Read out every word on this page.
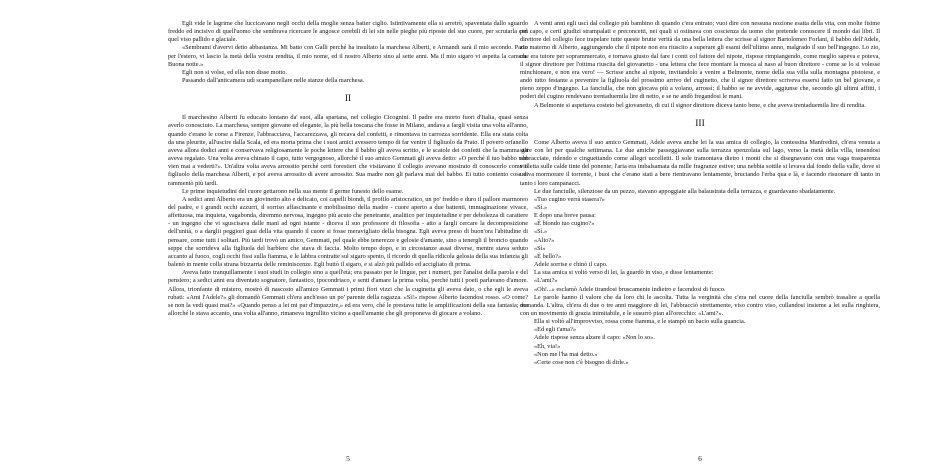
Egli vide le lagrime che luccicavano negli occhi della moglie senza batter ciglio. Istintivamente ella si arretrò, spaventata dallo sguardo freddo ed incisivo di quell'uomo che sembrava ricercare le angosce cerebili di lei sin nelle pieghe più riposte del suo cuore, per scrutarla con quel viso pallido e glaciale.

«Sembrami d'avervi detto abbastanza. Mi batto con Galli perché ha insultato la marchesa Alberti, e Armandi sarà il mio secondo. Parto per l'estero, vi lascio la metà della vostra rendita, il mio nome, ed il nostro Alberto sino al sette anni. Ma il mio sigaro vi aspetta la camera. Buona notte.»

Egli non si volse, ed ella non disse motto.

Passando dall'anticamera udì scampanellare nelle stanze della marchesa.

II

Il marchesino Alberti fu educato lontano da' suoi, alla spartana, nel collegio Cicognini. Il padre era morto fuori d'Italia, quasi senza averlo conosciuto. La marchesa, sempre giovane ed elegante, la più bella toscana che fosse in Milano, andava a fargli visita una volta all'anno, quando c'erano le corse a Firenze, l'abbracciava, l'accarezzava, gli recava del confetti, e rimontava in carrozza sorridente. Ella era stata colta da una pleurite, all'uscire dalla Scala, ed era morta prima che i suoi amici avessero tempo di far venire il figliuolo da Prato. Il povero orfanello aveva allora dodici anni e conservava religiosamente le poche lettere che il babbo gli aveva scritto, e le scatole dei confetti che la mamma gli aveva regalato. Una volta aveva chinato il capo, tutto vergognoso, allorché il suo amico Gemmati gli aveva detto: «O perché il tuo babbo non vien mai a vederti?». Un'altra volta aveva arrossito perché certi forestieri che visitavano il collegio avevano mostrato di conoscerlo come il figliuolo della marchesa Alberti, e poi aveva arrossito di avere arrossito. Sua madre non gli parlava mai del babbo. Ei tutto contento cose ei rammentò più tardi.

Le prime inquietudini del cuore gettarono nella sua mente il germe funesto dello esame.

A sedici anni Alberto era un giovinetto alto e delicato, coi capelli biondi, il profilo aristocratico, un po' freddo e duro il pallore marmoreo del padre, e i grandi occhi azzurri, il sorriso affascinante e mobilissimo della madre - cuore aperto a due battenti, immaginazione vivace, affettuosa, ma inquieta, vagabonda, diremmo nervosa, ingegno più acuto che penetrante, analitico per inquietudine e per debolezza di carattere - un ingegno che vi sguscisava dalle mani ad ogni istante - diceva il suo professore di filosofia - atto a fargli cercare la decomposizione dell'unità, o a darglii peggiori guai della vita quando il cuore si fosse meravigliato della bisogna. Egli aveva preso di buon'ora l'abitudine di pensare, come tutti i solitari. Più tardi trovò un amico, Gemmati, pel quale ebbe tenerezze e gelosie d'amante, sino a tenergli il broncio quando seppe che sorrideva alla figliuola del barbiere che stava di faccia. Molto tempo dopo, e in circostanze assai diverse, mentre stava seduto accanto al fuoco, cogli occhi fissi sulla fiamma, e le labbra contratte sul sigaro spento, il ricordo di quella ridicola gelosia della sua infanzia gli balenò in mente colla strana bizzarria delle reminiscenze. Egli buttò il sigaro, e si alzò più pallido ed accigliato di prima.

Aveva fatto tranquillamente i suoi studi in collegio sino a quell'età; era passato per le lingue, per i numeri, per l'analisi della parola e del pensiero; a sedici anni era diventato sognatore, fantastico, ipocondriaco, e senti d'amare la prima volta, perché tutti i poeti parlavano d'amore. Allora, trionfante di mistero, mostrò di nascosto all'amico Gemmati i primi fiori vizzi che la cuginetta gli aveva dato, o che egli le aveva rubati: «Ami l'Adele?» gli domandò Gemmati ch'era anch'esso un po' parente della ragazza. «Sì!» rispose Alberto facendosi rosso. «O come? se non la vedi quasi mai?» «Quando penso a lei mi par d'impazzire,» ed era vero, ché le prestava tutte le amplificazioni della sua fantasia; ma allorché le stava accanto, una volta all'anno, rimaneva ingrullito vicino a quell'amante che gli proponeva di giocare a volano.

5

A venti anni egli uscì dal collegio più bambino di quando c'era entrato; vuoi dire con nessuna nozione esatta della vita, con molte fisime pel capo, e certi giudizi strampalati e preconcetti, nei quali si ostinava con coscienza da uomo che pretende conoscere il mondo dai libri. Il direttore del collegio fece trapelare tutte queste brutte verità da una bella lettera che scrisse al signor Bartolomeo Forlani, il babbo dell'Adele, zio materno di Alberto, aggiungendo che il nipote non era riuscito a superare gli esami dell'ultimo anno, malgrado il suo bell'ingegno. Lo zio, che era tutore per soprammercato, e tornava giusto dal fare i conti col fattore del nipote, rispose rimpiangendo, come meglio sapeva e poteva, il signor direttore per l'ottima riuscita del giovanetto - una lettera che fece montare la mosca al naso al buon direttore - come se lo si volesse minchionare, e non era vero! — Scrisse anche al nipote, invitandolo a venire a Belmonte, nome della sua villa sulla montagna pistoiese, e andò tutto festante a prevenire la figliuola del prossimo arrivo del cuginetto, che il signor direttore scriveva essersi fatto un bel giovane, e pieno zeppo d'ingegno. La fanciulla, che non giocava più a volano, arrossì; il babbo se ne avvide, aggiunse che, secondo gli ultimi affitti, i poderi del cugino rendevano trentaduemila lire di netto, e se ne andò fregandosi le mani.

A Belmonte si aspettava costeto bel giovanetto, di cui il signor direttore diceva tanto bene, e che aveva trentaduemila lire di rendita.

III

Come Alberto aveva il suo amico Gemmati, Adele aveva anche lei la sua amica di collegio, la contessina Manfredini, ch'era venuta a stare con lei per qualche settimana. Le due amiche passeggiavano sulla terrazza spenzolata sul lago, verso la metà della villa, tenendosi abbracciate, ridendo e cinguettando come allegri uccelletti. Il sole tramontava dietro i monti che si disegnavano con una vaga trasparenza violetta sulle calde tinte del ponente; l'aria era imbalsamata da mille fragranze estive; una nebbia sottile si levava dal fondo della valle, dove si udiva mormorare il torrente, i buoi che c'erano stati a bere rientravano lentamente, bruciando l'erba qua e là, e facendo risuonare di tanto in tanto i loro campanacci.

Le due fanciulle, silenziose da un pezzo, stavano appoggiate alla balaustrata della terrazza, e guardavano sbadatamente.

«Tuo cugino verrà stasera?»

«Sì.»

E dopo una breve pausa:

«È biondo tuo cugino?»

«Sì.»

«Alto?»

«Sì»

«È bello?»

Adele sorrise e chinò il capo.

La sua amica si voltò verso di lei, la guardò in viso, e disse lentamente:

«L'ami?»

«Oh!...» esclamò Adele tirandosi bruscamente indietro e facendosi di fuoco.

Le parole hanno il valore che da loro chi le ascolta. Tutta la verginità che c'era nel cuore della fanciulla sembrò trasalire a quella domanda. L'altra, ch'era di due o tre anni maggiore di lei, l'abbracciò strettamente, viso contro viso, cullandosi insieme a lei sulla ringhiera, con un movimento di grazia inimitabile, e le susurrò pian all'orecchio: «L'ami?».

Ella si voltò all'improvviso, rossa come fiamma, e le stampò un bacio sulla guancia.

«Ed egli t'ama?»

Adele rispose senza alzare il capo: «Non lo so».

«Eh, via!»

«Non me l'ha mai detto.»

«Certe cose non c'è bisogno di dirle.»

6
